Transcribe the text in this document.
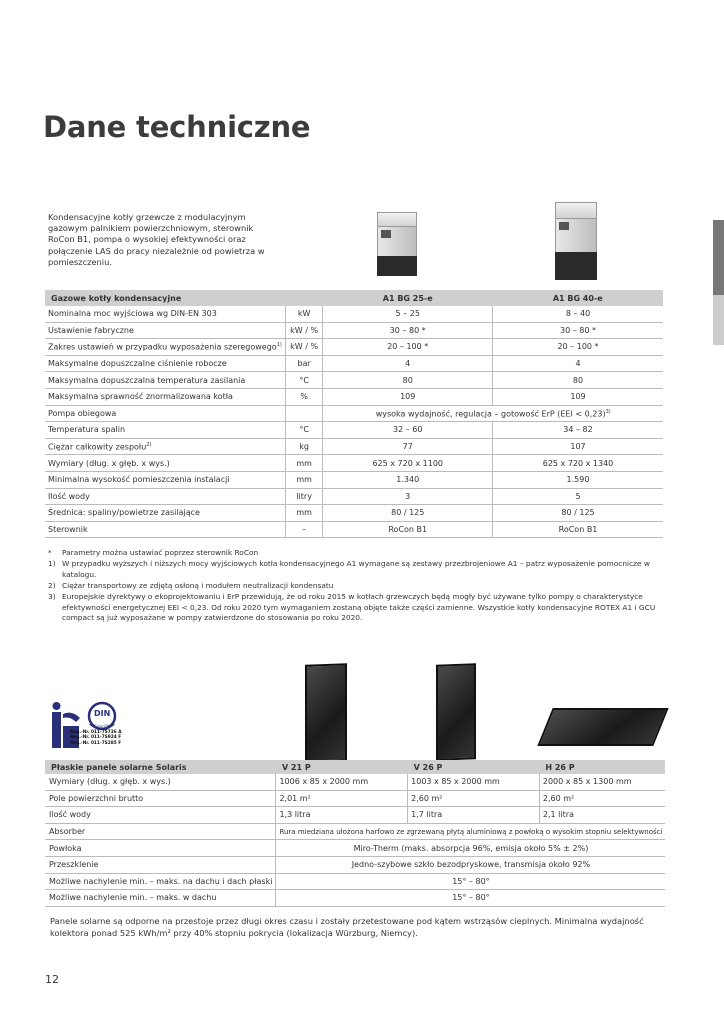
Dane techniczne
Kondensacyjne kotły grzewcze z modulacyjnym gazowym palnikiem powierzchniowym, sterownik RoCon B1, pompa o wysokiej efektywności oraz połączenie LAS do pracy niezależnie od powietrza w pomieszczeniu.
Gazowe kotły kondensacyjne		A1 BG 25-e	A1 BG 40-e
Nominalna moc wyjściowa wg DIN-EN 303	kW	5 – 25	8 – 40
Ustawienie fabryczne	kW / %	30 – 80 *	30 – 80 *
Zakres ustawień w przypadku wyposażenia szeregowego$^{1)}$	kW / %	20 – 100 *	20 – 100 *
Maksymalne dopuszczalne ciśnienie robocze	bar	4	4
Maksymalna dopuszczalna temperatura zasilania	°C	80	80
Maksymalna sprawność znormalizowana kotła	%	109	109
Pompa obiegowa		wysoka wydajność, regulacja – gotowość ErP (EEI < 0,23)$^{3)}$
Temperatura spalin	°C	32 – 60	34 – 82
Ciężar całkowity zespołu$^{2)}$	kg	77	107
Wymiary (dług. x głęb. x wys.)	mm	625 x 720 x 1100	625 x 720 x 1340
Minimalna wysokość pomieszczenia instalacji	mm	1.340	1.590
Ilość wody	litry	3	5
Średnica: spaliny/powietrze zasilające	mm	80 / 125	80 / 125
Sterownik	–	RoCon B1	RoCon B1
*	Parametry można ustawiać poprzez sterownik RoCon
1) W przypadku wyższych i niższych mocy wyjściowych kotła kondensacyjnego A1 wymagane są zestawy przezbrojeniowe A1 – patrz wyposażenie pomocnicze w katalogu.
2) Ciężar transportowy ze zdjętą osłoną i modułem neutralizacji kondensatu
3) Europejskie dyrektywy o ekoprojektowaniu i ErP przewidują, że od roku 2015 w kotłach grzewczych będą mogły być używane tylko pompy o charakterystyce efektywności energetycznej EEI < 0,23. Od roku 2020 tym wymaganiem zostaną objęte także części zamienne. Wszystkie kotły kondensacyjne ROTEX A1 i GCU compact są już wyposażane w pompy zatwierdzone do stosowania po roku 2020.
DIN
Geprüft
Reg.-Nr. 011-7S736 A
Reg.-Nr. 011-7S924 F
Reg.-Nr. 011-7S285 F
Płaskie panele solarne Solaris	V 21 P	V 26 P	H 26 P
Wymiary (dług. x głęb. x wys.)	1006 x 85 x 2000 mm	1003 x 85 x 2000 mm	2000 x 85 x 1300 mm
Pole powierzchni brutto	2,01 m²	2,60 m²	2,60 m²
Ilość wody	1,3 litra	1,7 litra	2,1 litra
Absorber	Rura miedziana ułożona harfowo ze zgrzewaną płytą aluminiową z powłoką o wysokim stopniu selektywności		
Powłoka	Miro-Therm (maks. absorpcja 96%, emisja około 5% ± 2%)		
Przeszklenie	Jedno-szybowe szkło bezodpryskowe, transmisja około 92%		
Możliwe nachylenie min. – maks. na dachu i dach płaski	15° – 80°		
Możliwe nachylenie min. – maks. w dachu	15° – 80°		
Panele solarne są odporne na przestoje przez długi okres czasu i zostały przetestowane pod kątem wstrząsów cieplnych. Minimalna wydajność kolektora ponad 525 kWh/m² przy 40% stopniu pokrycia (lokalizacja Würzburg, Niemcy).
12
